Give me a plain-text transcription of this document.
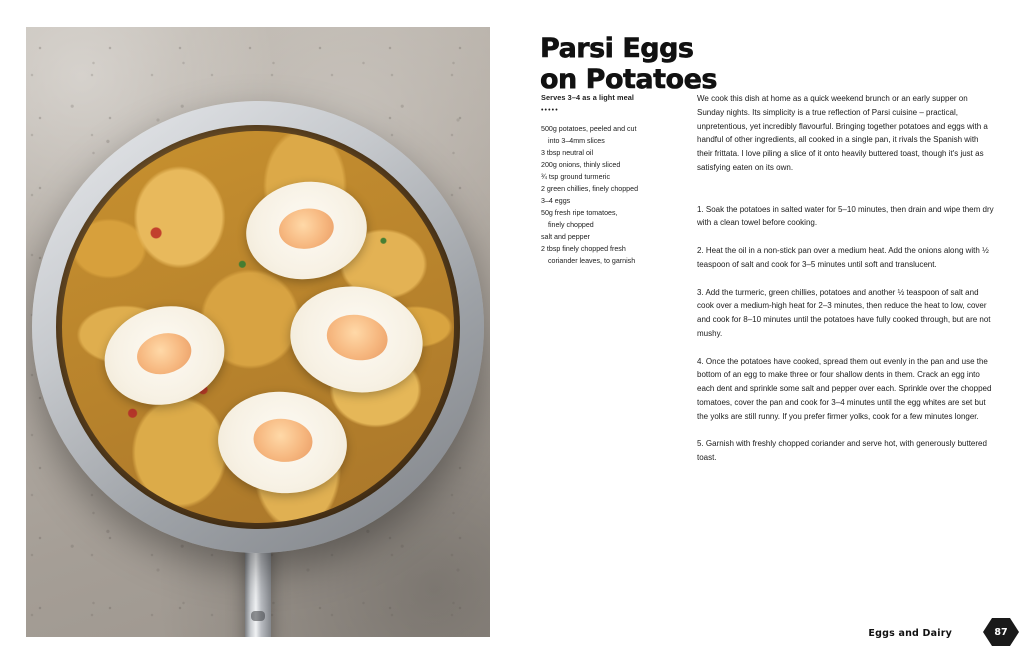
Parsi Eggs
on Potatoes
Serves 3–4 as a light meal
•••••
500g potatoes, peeled and cut
into 3–4mm slices
3 tbsp neutral oil
200g onions, thinly sliced
¾ tsp ground turmeric
2 green chillies, finely chopped
3–4 eggs
50g fresh ripe tomatoes,
finely chopped
salt and pepper
2 tbsp finely chopped fresh
coriander leaves, to garnish

We cook this dish at home as a quick weekend brunch or an early supper on Sunday nights. Its simplicity is a true reflection of Parsi cuisine – practical, unpretentious, yet incredibly flavourful. Bringing together potatoes and eggs with a handful of other ingredients, all cooked in a single pan, it rivals the Spanish with their frittata. I love piling a slice of it onto heavily buttered toast, though it's just as satisfying eaten on its own.

1. Soak the potatoes in salted water for 5–10 minutes, then drain and wipe them dry with a clean towel before cooking.

2. Heat the oil in a non-stick pan over a medium heat. Add the onions along with ½ teaspoon of salt and cook for 3–5 minutes until soft and translucent.

3. Add the turmeric, green chillies, potatoes and another ½ teaspoon of salt and cook over a medium-high heat for 2–3 minutes, then reduce the heat to low, cover and cook for 8–10 minutes until the potatoes have fully cooked through, but are not mushy.

4. Once the potatoes have cooked, spread them out evenly in the pan and use the bottom of an egg to make three or four shallow dents in them. Crack an egg into each dent and sprinkle some salt and pepper over each. Sprinkle over the chopped tomatoes, cover the pan and cook for 3–4 minutes until the egg whites are set but the yolks are still runny. If you prefer firmer yolks, cook for a few minutes longer.

5. Garnish with freshly chopped coriander and serve hot, with generously buttered toast.

Eggs and Dairy	87
